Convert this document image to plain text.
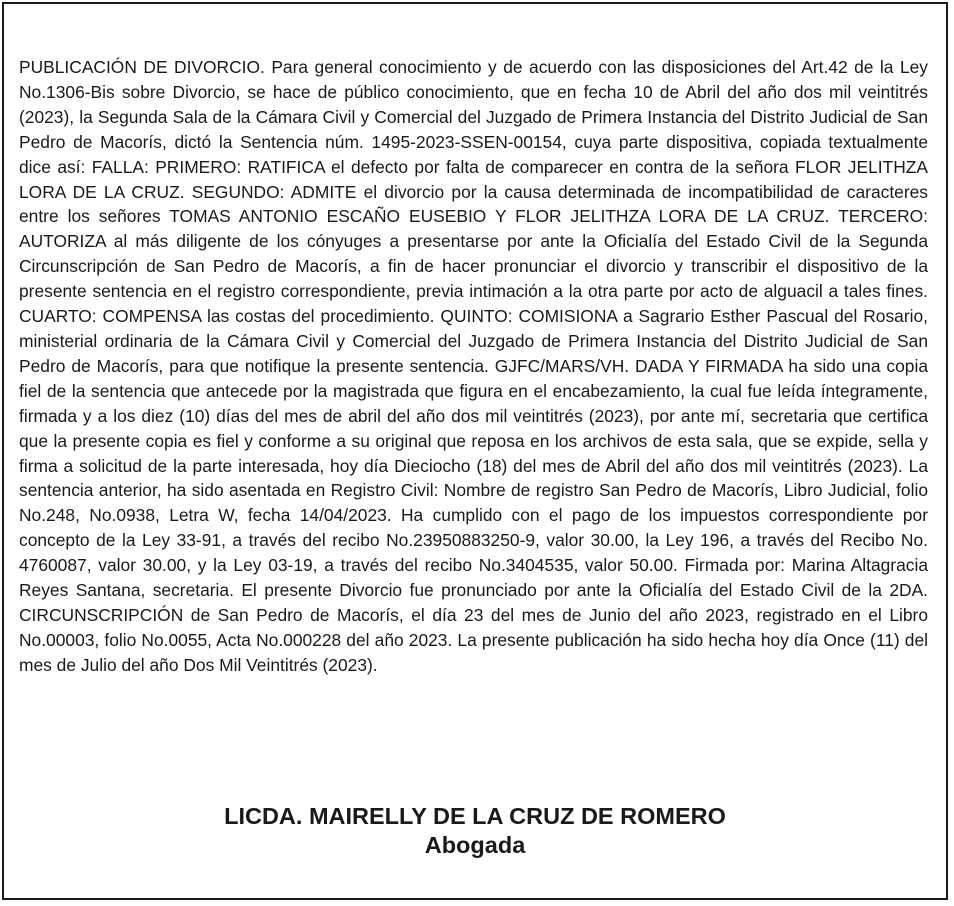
PUBLICACIÓN DE DIVORCIO. Para general conocimiento y de acuerdo con las disposiciones del Art.42 de la Ley No.1306-Bis sobre Divorcio, se hace de público conocimiento, que en fecha 10 de Abril del año dos mil veintitrés (2023), la Segunda Sala de la Cámara Civil y Comercial del Juzgado de Primera Instancia del Distrito Judicial de San Pedro de Macorís, dictó la Sentencia núm. 1495-2023-SSEN-00154, cuya parte dispositiva, copiada textualmente dice así: FALLA: PRIMERO: RATIFICA el defecto por falta de comparecer en contra de la señora FLOR JELITHZA LORA DE LA CRUZ. SEGUNDO: ADMITE el divorcio por la causa determinada de incompatibilidad de caracteres entre los señores TOMAS ANTONIO ESCAÑO EUSEBIO Y FLOR JELITHZA LORA DE LA CRUZ. TERCERO: AUTORIZA al más diligente de los cónyuges a presentarse por ante la Oficialía del Estado Civil de la Segunda Circunscripción de San Pedro de Macorís, a fin de hacer pronunciar el divorcio y transcribir el dispositivo de la presente sentencia en el registro correspondiente, previa intimación a la otra parte por acto de alguacil a tales fines. CUARTO: COMPENSA las costas del procedimiento. QUINTO: COMISIONA a Sagrario Esther Pascual del Rosario, ministerial ordinaria de la Cámara Civil y Comercial del Juzgado de Primera Instancia del Distrito Judicial de San Pedro de Macorís, para que notifique la presente sentencia. GJFC/MARS/VH. DADA Y FIRMADA ha sido una copia fiel de la sentencia que antecede por la magistrada que figura en el encabezamiento, la cual fue leída íntegramente, firmada y a los diez (10) días del mes de abril del año dos mil veintitrés (2023), por ante mí, secretaria que certifica que la presente copia es fiel y conforme a su original que reposa en los archivos de esta sala, que se expide, sella y firma a solicitud de la parte interesada, hoy día Dieciocho (18) del mes de Abril del año dos mil veintitrés (2023). La sentencia anterior, ha sido asentada en Registro Civil: Nombre de registro San Pedro de Macorís, Libro Judicial, folio No.248, No.0938, Letra W, fecha 14/04/2023. Ha cumplido con el pago de los impuestos correspondiente por concepto de la Ley 33-91, a través del recibo No.23950883250-9, valor 30.00, la Ley 196, a través del Recibo No. 4760087, valor 30.00, y la Ley 03-19, a través del recibo No.3404535, valor 50.00. Firmada por: Marina Altagracia Reyes Santana, secretaria. El presente Divorcio fue pronunciado por ante la Oficialía del Estado Civil de la 2DA. CIRCUNSCRIPCIÓN de San Pedro de Macorís, el día 23 del mes de Junio del año 2023, registrado en el Libro No.00003, folio No.0055, Acta No.000228 del año 2023. La presente publicación ha sido hecha hoy día Once (11) del mes de Julio del año Dos Mil Veintitrés (2023).

LICDA. MAIRELLY DE LA CRUZ DE ROMERO
Abogada
